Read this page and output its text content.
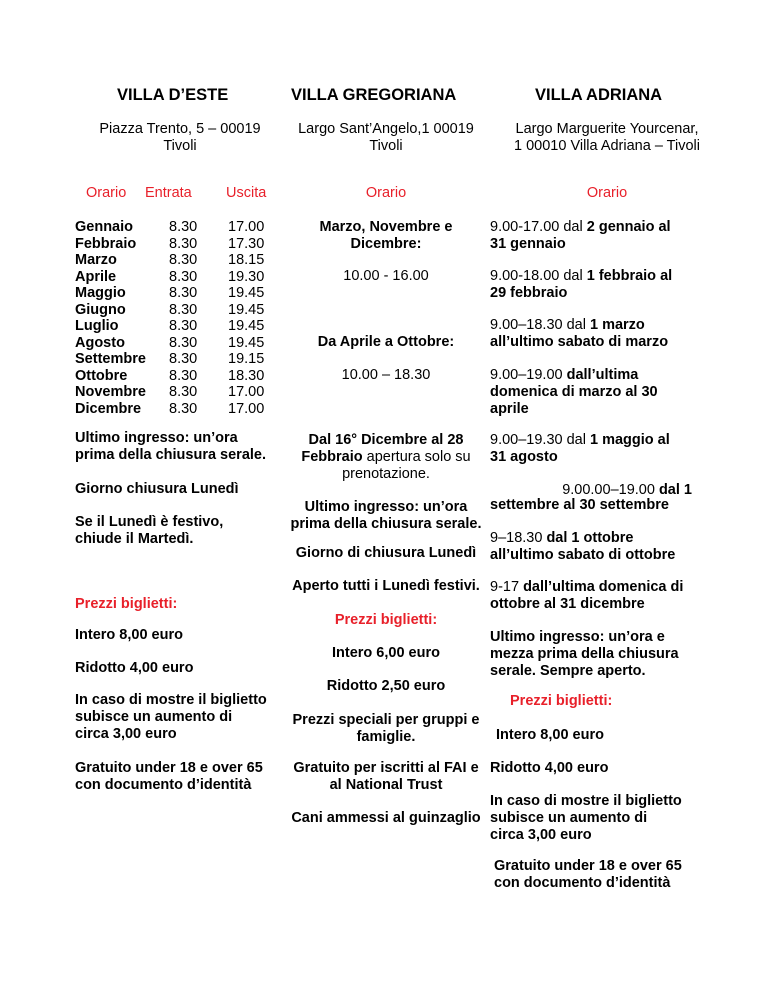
VILLA D’ESTE
Piazza Trento, 5 – 00019
Tivoli
Orario Entrata Uscita
Gennaio 8.30 17.00
Febbraio 8.30 17.30
Marzo	8.30 18.15
Aprile	8.30 19.30
Maggio	8.30 19.45
Giugno	8.30 19.45
Luglio	8.30 19.45
Agosto	8.30 19.45
Settembre 8.30 19.15
Ottobre	8.30 18.30
Novembre 8.30 17.00
Dicembre 8.30 17.00
Ultimo ingresso: un’ora
prima della chiusura serale.
Giorno chiusura Lunedì
Se il Lunedì è festivo,
chiude il Martedì.
Prezzi biglietti:
Intero 8,00 euro
Ridotto 4,00 euro
In caso di mostre il biglietto
subisce un aumento di
circa 3,00 euro
Gratuito under 18 e over 65
con documento d’identità
VILLA GREGORIANA
Largo Sant’Angelo,1 00019
Tivoli
Orario
Marzo, Novembre e
Dicembre:
10.00 - 16.00
Da Aprile a Ottobre:
10.00 – 18.30
Dal 16° Dicembre al 28
Febbraio apertura solo su
prenotazione.
Ultimo ingresso: un’ora
prima della chiusura serale.
Giorno di chiusura Lunedì
Aperto tutti i Lunedì festivi.
Prezzi biglietti:
Intero 6,00 euro
Ridotto 2,50 euro
Prezzi speciali per gruppi e
famiglie.
Gratuito per iscritti al FAI e
al National Trust
Cani ammessi al guinzaglio
VILLA ADRIANA
Largo Marguerite Yourcenar,
1 00010 Villa Adriana – Tivoli
Orario
9.00-17.00 dal 2 gennaio al
31 gennaio
9.00-18.00 dal 1 febbraio al
29 febbraio
9.00–18.30 dal 1 marzo
all’ultimo sabato di marzo
9.00–19.00 dall’ultima
domenica di marzo al 30
aprile
9.00–19.30 dal 1 maggio al
31 agosto
9.00.00–19.00 dal 1
settembre al 30 settembre
9–18.30 dal 1 ottobre
all’ultimo sabato di ottobre
9-17 dall’ultima domenica di
ottobre al 31 dicembre
Ultimo ingresso: un’ora e
mezza prima della chiusura
serale. Sempre aperto.
Prezzi biglietti:
Intero 8,00 euro
Ridotto 4,00 euro
In caso di mostre il biglietto
subisce un aumento di
circa 3,00 euro
Gratuito under 18 e over 65
con documento d’identità
